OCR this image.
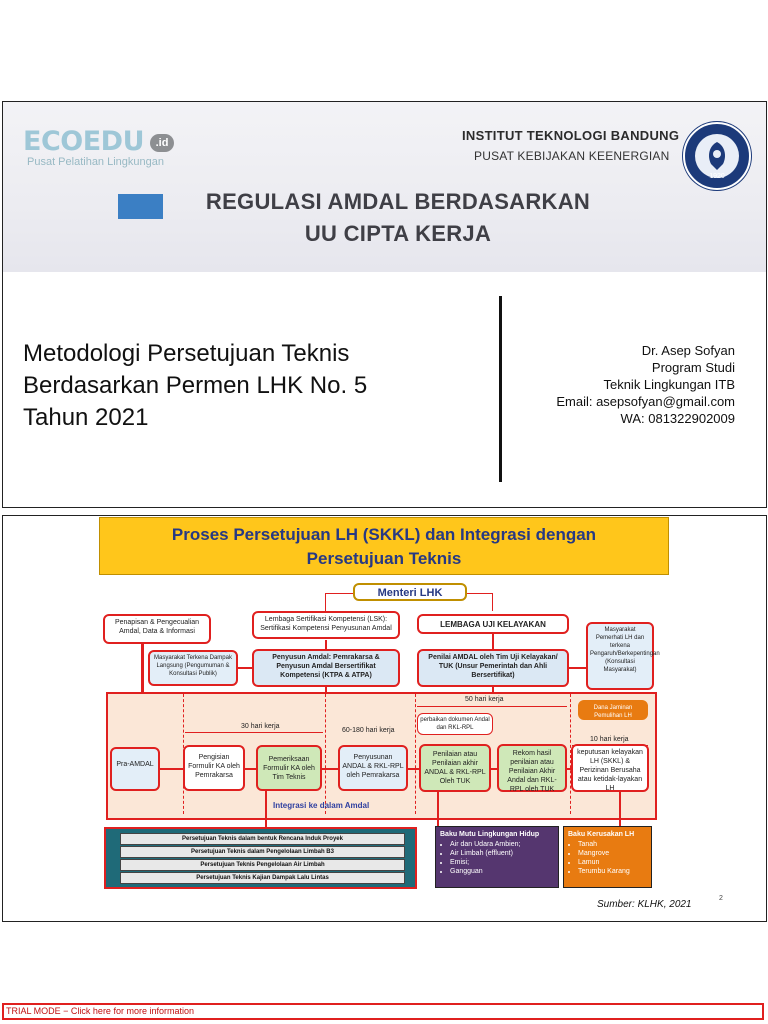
ECOEDU	.id
Pusat Pelatihan Lingkungan
INSTITUT TEKNOLOGI BANDUNG
PUSAT KEBIJAKAN KEENERGIAN
1920
REGULASI AMDAL BERDASARKAN
UU CIPTA KERJA
Metodologi Persetujuan Teknis
Berdasarkan Permen LHK No. 5
Tahun 2021
Dr. Asep Sofyan
Program Studi
Teknik Lingkungan ITB
Email: asepsofyan@gmail.com
WA: 081322902009
Proses Persetujuan LH (SKKL) dan Integrasi dengan
Persetujuan Teknis
Menteri LHK
Penapisan & Pengecualian Amdal, Data & Informasi
Lembaga Sertifikasi Kompetensi (LSK): Sertifikasi Kompetensi Penyusunan Amdal	LEMBAGA UJI KELAYAKAN
Masyarakat Pemerhati LH dan terkena Pengaruh/Berkepentingan (Konsultasi Masyarakat)
Masyarakat Terkena Dampak Langsung (Pengumuman & Konsultasi Publik)
Penyusun Amdal: Pemrakarsa & Penyusun Amdal Bersertifikat Kompetensi (KTPA & ATPA)
Penilai AMDAL oleh Tim Uji Kelayakan/ TUK (Unsur Pemerintah dan Ahli Bersertifikat)
50 hari kerja
Dana Jaminan Pemulihan LH
30 hari kerja
60-180 hari kerja
perbaikan dokumen Andal dan RKL-RPL
10 hari kerja
Pra-AMDAL
Pengisian Formulir KA oleh Pemrakarsa
Pemeriksaan Formulir KA oleh Tim Teknis
Penyusunan ANDAL & RKL-RPL oleh Pemrakarsa
Penilaian atau Penilaian akhir ANDAL & RKL-RPL Oleh TUK
Rekom hasil penilaian atau Penilaian Akhir Andal dan RKL-RPL oleh TUK
keputusan kelayakan LH (SKKL) & Perizinan Berusaha atau ketidak-layakan LH
Integrasi ke dalam Amdal
Persetujuan Teknis dalam bentuk Rencana Induk Proyek
Persetujuan Teknis dalam Pengelolaan Limbah B3
Persetujuan Teknis Pengelolaan Air Limbah
Persetujuan Teknis Kajian Dampak Lalu Lintas
Baku Mutu Lingkungan Hidup
• Air dan Udara Ambien;
• Air Limbah (effluent)
• Emisi;
• Gangguan
Baku Kerusakan LH
• Tanah
• Mangrove
• Lamun
• Terumbu Karang
Sumber: KLHK, 2021
2
TRIAL MODE − Click here for more information
